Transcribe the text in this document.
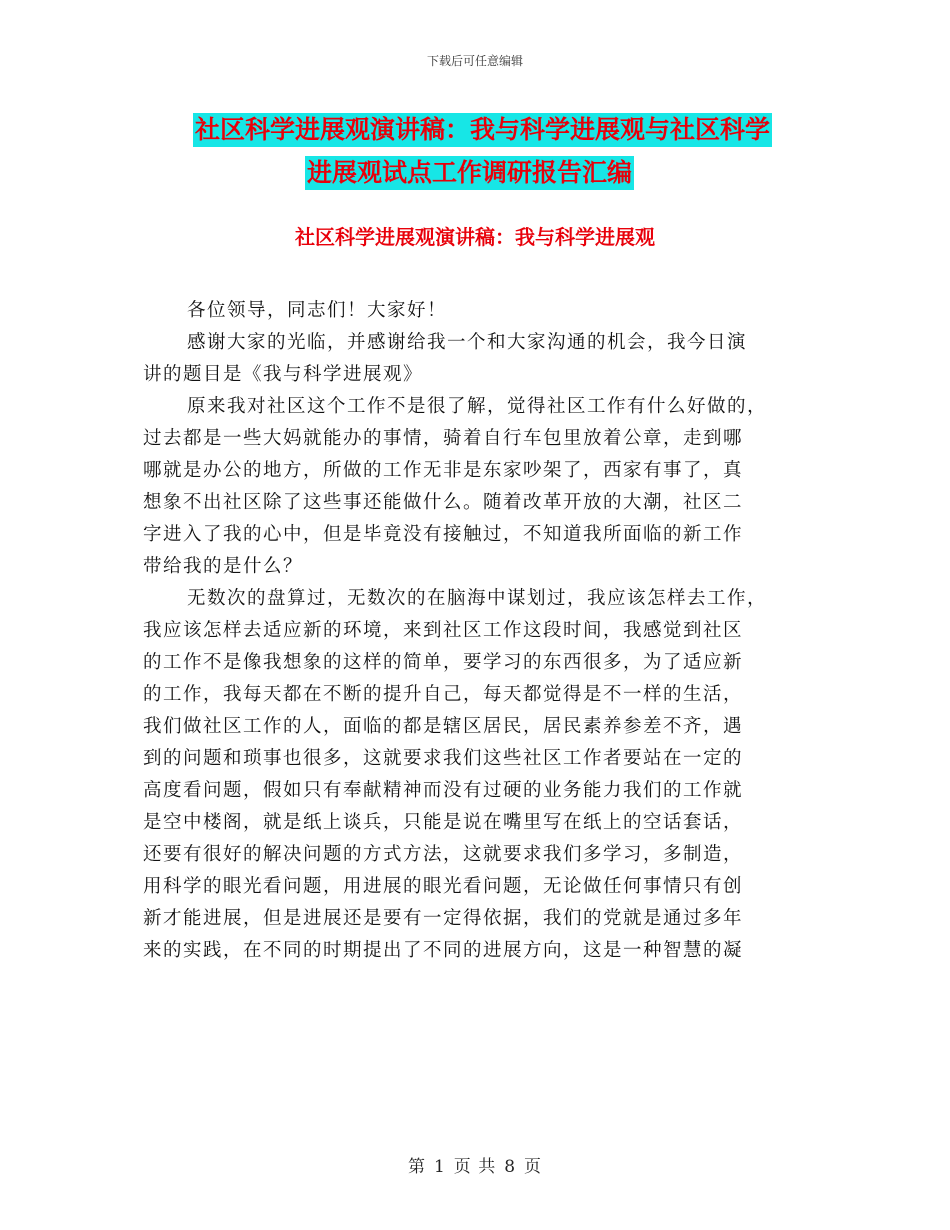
下载后可任意编辑
社区科学进展观演讲稿：我与科学进展观与社区科学
进展观试点工作调研报告汇编
社区科学进展观演讲稿：我与科学进展观
各位领导，同志们！大家好！
感谢大家的光临，并感谢给我一个和大家沟通的机会，我今日演
讲的题目是《我与科学进展观》
原来我对社区这个工作不是很了解，觉得社区工作有什么好做的，
过去都是一些大妈就能办的事情，骑着自行车包里放着公章，走到哪
哪就是办公的地方，所做的工作无非是东家吵架了，西家有事了，真
想象不出社区除了这些事还能做什么。随着改革开放的大潮，社区二
字进入了我的心中，但是毕竟没有接触过，不知道我所面临的新工作
带给我的是什么？
无数次的盘算过，无数次的在脑海中谋划过，我应该怎样去工作，
我应该怎样去适应新的环境，来到社区工作这段时间，我感觉到社区
的工作不是像我想象的这样的简单，要学习的东西很多，为了适应新
的工作，我每天都在不断的提升自己，每天都觉得是不一样的生活，
我们做社区工作的人，面临的都是辖区居民，居民素养参差不齐，遇
到的问题和琐事也很多，这就要求我们这些社区工作者要站在一定的
高度看问题，假如只有奉献精神而没有过硬的业务能力我们的工作就
是空中楼阁，就是纸上谈兵，只能是说在嘴里写在纸上的空话套话，
还要有很好的解决问题的方式方法，这就要求我们多学习，多制造，
用科学的眼光看问题，用进展的眼光看问题，无论做任何事情只有创
新才能进展，但是进展还是要有一定得依据，我们的党就是通过多年
来的实践，在不同的时期提出了不同的进展方向，这是一种智慧的凝
第 1 页 共 8 页
